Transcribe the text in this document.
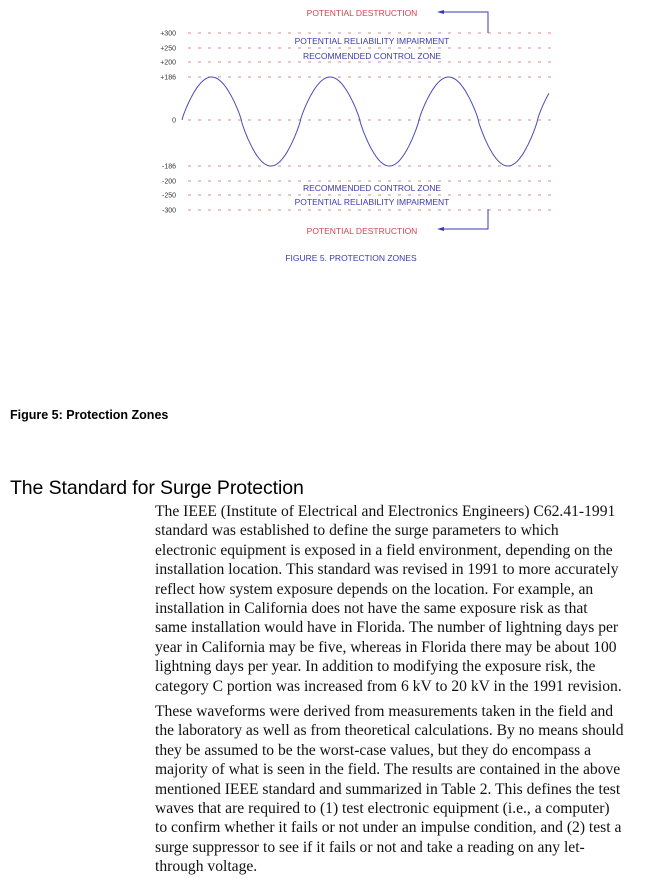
+300
+250
+200
+186
0
-186
-200
-250
-300
POTENTIAL DESTRUCTION
POTENTIAL RELIABILITY IMPAIRMENT
RECOMMENDED CONTROL ZONE
RECOMMENDED CONTROL ZONE
POTENTIAL RELIABILITY IMPAIRMENT
POTENTIAL DESTRUCTION
FIGURE 5. PROTECTION ZONES
Figure 5: Protection Zones
The Standard for Surge Protection

The IEEE (Institute of Electrical and Electronics Engineers) C62.41-1991
standard was established to define the surge parameters to which
electronic equipment is exposed in a field environment, depending on the
installation location. This standard was revised in 1991 to more accurately
reflect how system exposure depends on the location. For example, an
installation in California does not have the same exposure risk as that
same installation would have in Florida. The number of lightning days per
year in California may be five, whereas in Florida there may be about 100
lightning days per year. In addition to modifying the exposure risk, the
category C portion was increased from 6 kV to 20 kV in the 1991 revision.

These waveforms were derived from measurements taken in the field and
the laboratory as well as from theoretical calculations. By no means should
they be assumed to be the worst-case values, but they do encompass a
majority of what is seen in the field. The results are contained in the above
mentioned IEEE standard and summarized in Table 2. This defines the test
waves that are required to (1) test electronic equipment (i.e., a computer)
to confirm whether it fails or not under an impulse condition, and (2) test a
surge suppressor to see if it fails or not and take a reading on any let-
through voltage.
